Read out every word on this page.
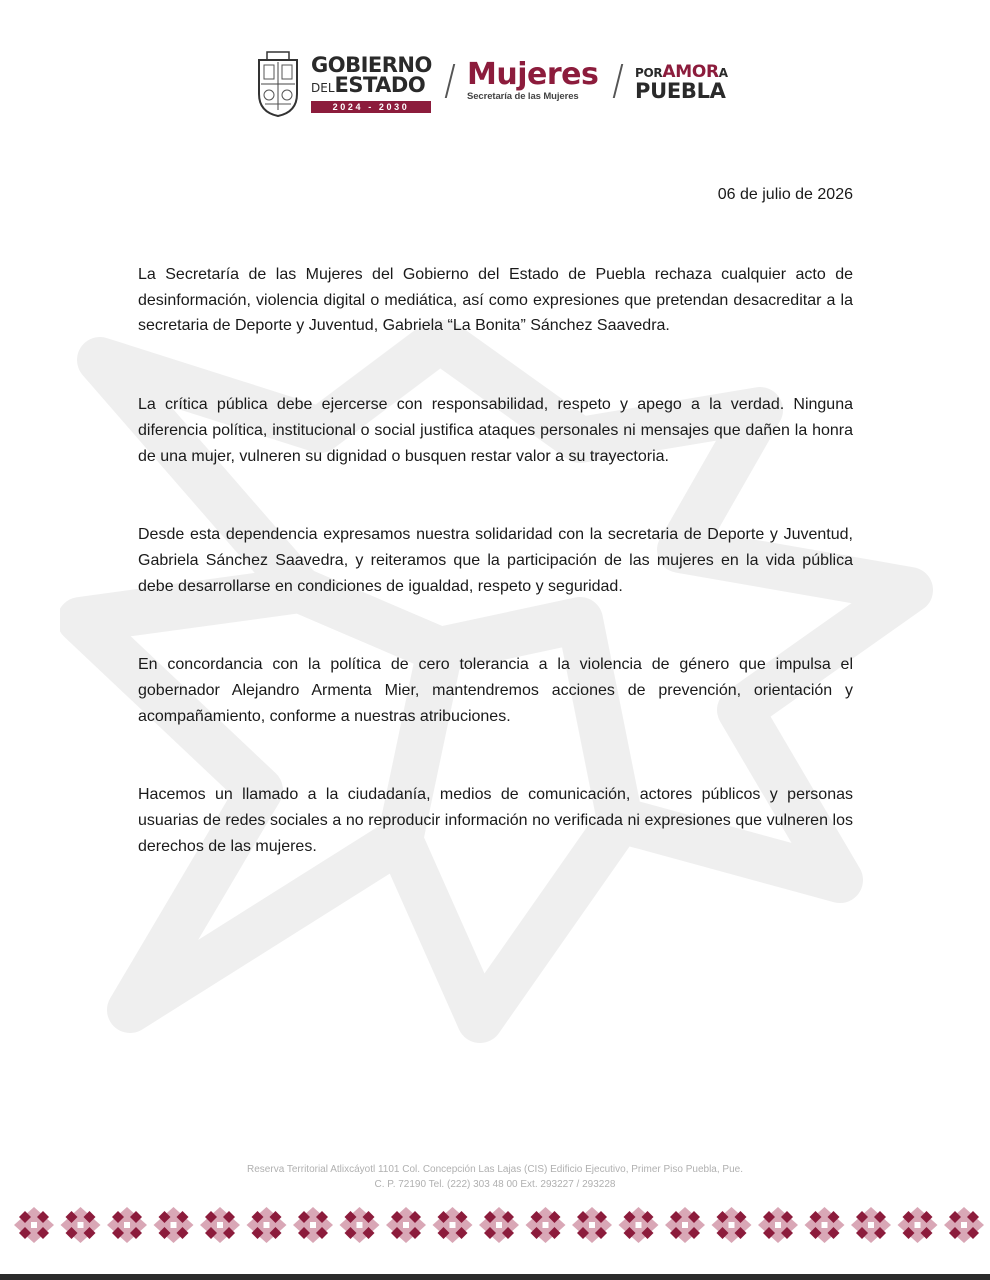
GOBIERNO
DELESTADO
2024 - 2030
Mujeres
Secretaría de las Mujeres
PORAMORA
PUEBLA
06 de julio de 2026

La Secretaría de las Mujeres del Gobierno del Estado de Puebla rechaza cualquier acto de desinformación, violencia digital o mediática, así como expresiones que pretendan desacreditar a la secretaria de Deporte y Juventud, Gabriela “La Bonita” Sánchez Saavedra.

La crítica pública debe ejercerse con responsabilidad, respeto y apego a la verdad. Ninguna diferencia política, institucional o social justifica ataques personales ni mensajes que dañen la honra de una mujer, vulneren su dignidad o busquen restar valor a su trayectoria.

Desde esta dependencia expresamos nuestra solidaridad con la secretaria de Deporte y Juventud, Gabriela Sánchez Saavedra, y reiteramos que la participación de las mujeres en la vida pública debe desarrollarse en condiciones de igualdad, respeto y seguridad.

En concordancia con la política de cero tolerancia a la violencia de género que impulsa el gobernador Alejandro Armenta Mier, mantendremos acciones de prevención, orientación y acompañamiento, conforme a nuestras atribuciones.

Hacemos un llamado a la ciudadanía, medios de comunicación, actores públicos y personas usuarias de redes sociales a no reproducir información no verificada ni expresiones que vulneren los derechos de las mujeres.

Reserva Territorial Atlixcáyotl 1101 Col. Concepción Las Lajas (CIS) Edificio Ejecutivo, Primer Piso Puebla, Pue.
C. P. 72190 Tel. (222) 303 48 00 Ext. 293227 / 293228
